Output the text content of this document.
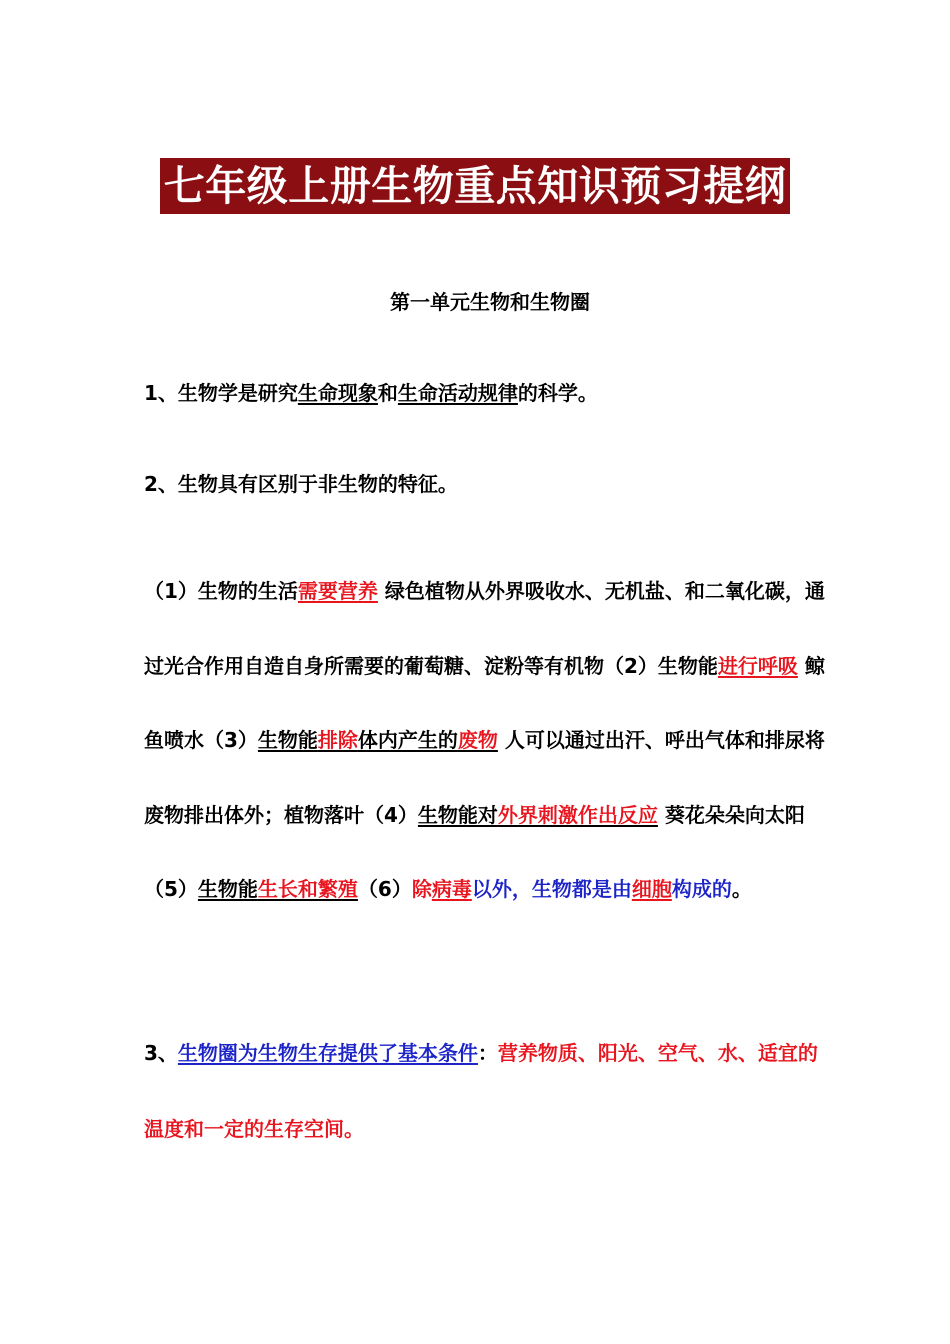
七年级上册生物重点知识预习提纲
第一单元生物和生物圈

1、生物学是研究生命现象和生命活动规律的科学。

2、生物具有区别于非生物的特征。

（1）生物的生活需要营养 绿色植物从外界吸收水、无机盐、和二氧化碳，通过光合作用自造自身所需要的葡萄糖、淀粉等有机物（2）生物能进行呼吸 鲸鱼喷水（3）生物能排除体内产生的废物 人可以通过出汗、呼出气体和排尿将废物排出体外；植物落叶（4）生物能对外界刺激作出反应 葵花朵朵向太阳（5）生物能生长和繁殖（6）除病毒以外，生物都是由细胞构成的。

3、生物圈为生物生存提供了基本条件：营养物质、阳光、空气、水、适宜的温度和一定的生存空间。
